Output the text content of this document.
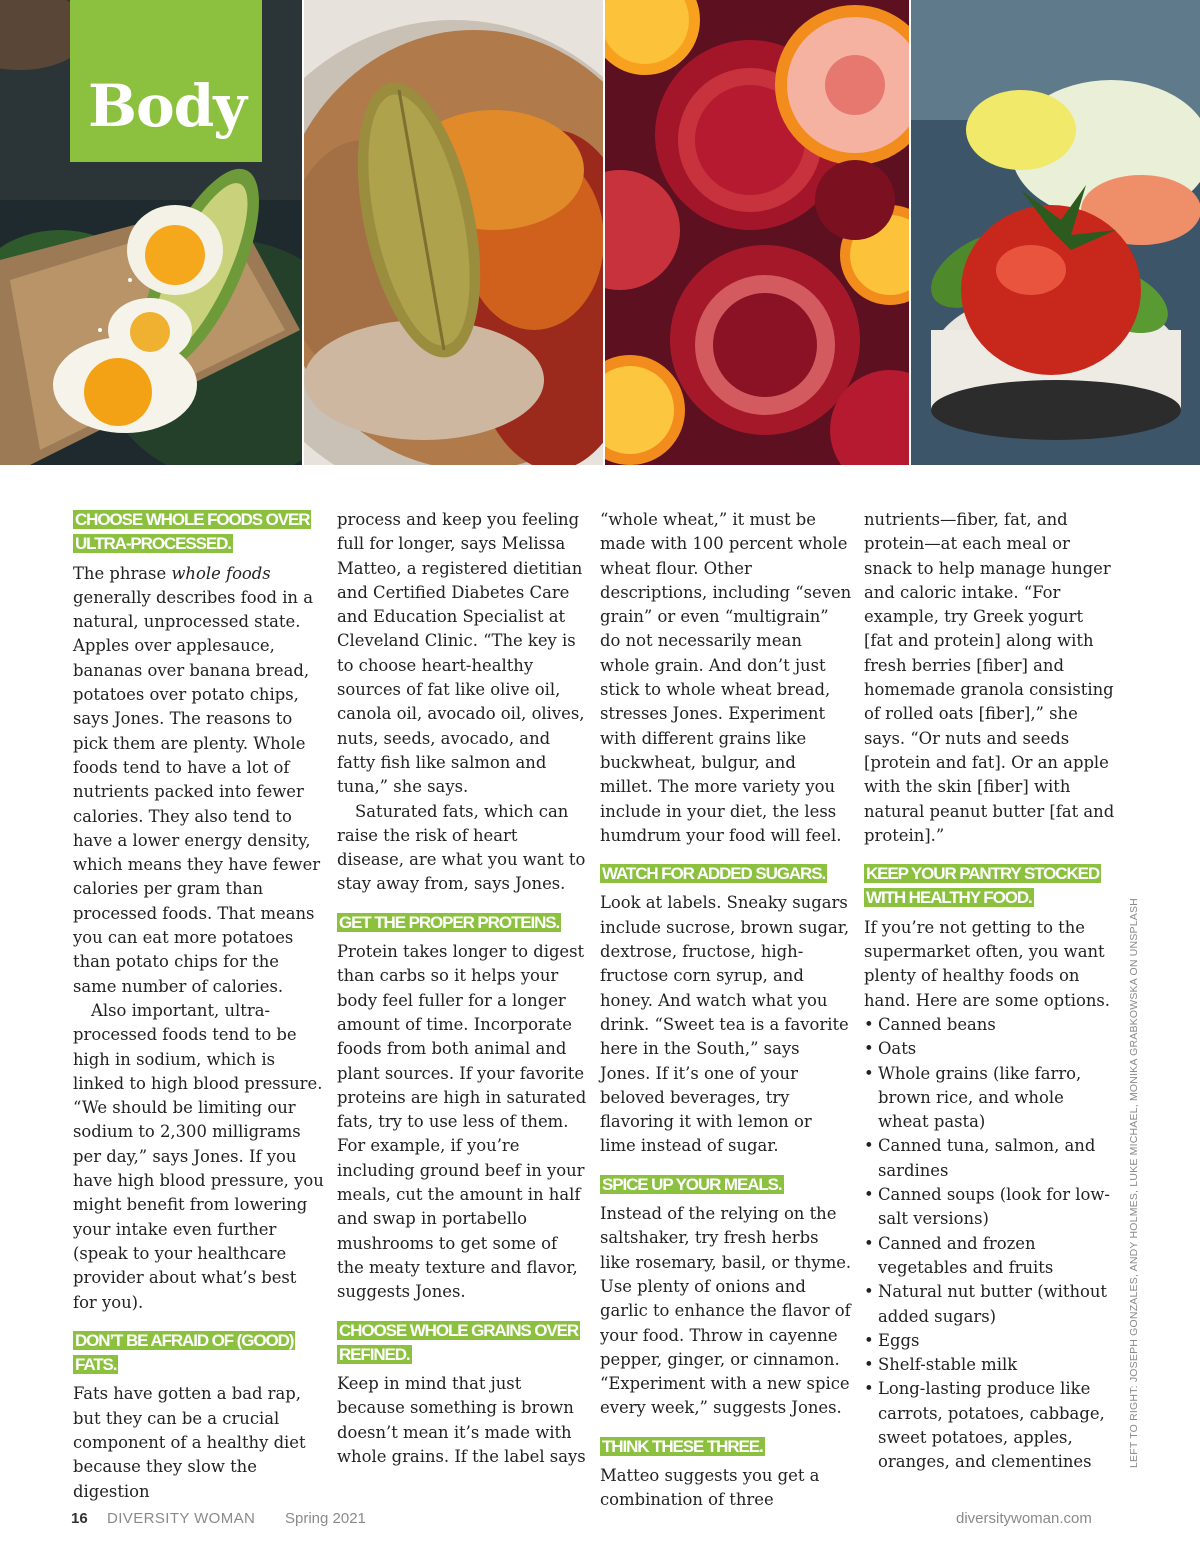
Body
CHOOSE WHOLE FOODS OVER ULTRA-PROCESSED.

The phrase whole foods generally describes food in a natural, unprocessed state. Apples over applesauce, bananas over banana bread, potatoes over potato chips, says Jones. The reasons to pick them are plenty. Whole foods tend to have a lot of nutrients packed into fewer calories. They also tend to have a lower energy density, which means they have fewer calories per gram than processed foods. That means you can eat more potatoes than potato chips for the same number of calories.

Also important, ultra-processed foods tend to be high in sodium, which is linked to high blood pressure. “We should be limiting our sodium to 2,300 milligrams per day,” says Jones. If you have high blood pressure, you might benefit from lowering your intake even further (speak to your healthcare provider about what’s best for you).

DON’T BE AFRAID OF (GOOD) FATS.

Fats have gotten a bad rap, but they can be a crucial component of a healthy diet because they slow the digestion

process and keep you feeling full for longer, says Melissa Matteo, a registered dietitian and Certified Diabetes Care and Education Specialist at Cleveland Clinic. “The key is to choose heart-healthy sources of fat like olive oil, canola oil, avocado oil, olives, nuts, seeds, avocado, and fatty fish like salmon and tuna,” she says.

Saturated fats, which can raise the risk of heart disease, are what you want to stay away from, says Jones.

GET THE PROPER PROTEINS.

Protein takes longer to digest than carbs so it helps your body feel fuller for a longer amount of time. Incorporate foods from both animal and plant sources. If your favorite proteins are high in saturated fats, try to use less of them. For example, if you’re including ground beef in your meals, cut the amount in half and swap in portabello mushrooms to get some of the meaty texture and flavor, suggests Jones.

CHOOSE WHOLE GRAINS OVER REFINED.

Keep in mind that just because something is brown doesn’t mean it’s made with whole grains. If the label says

“whole wheat,” it must be made with 100 percent whole wheat flour. Other descriptions, including “seven grain” or even “multigrain” do not necessarily mean whole grain. And don’t just stick to whole wheat bread, stresses Jones. Experiment with different grains like buckwheat, bulgur, and millet. The more variety you include in your diet, the less humdrum your food will feel.

WATCH FOR ADDED SUGARS.

Look at labels. Sneaky sugars include sucrose, brown sugar, dextrose, fructose, high-fructose corn syrup, and honey. And watch what you drink. “Sweet tea is a favorite here in the South,” says Jones. If it’s one of your beloved beverages, try flavoring it with lemon or lime instead of sugar.

SPICE UP YOUR MEALS.

Instead of the relying on the saltshaker, try fresh herbs like rosemary, basil, or thyme. Use plenty of onions and garlic to enhance the flavor of your food. Throw in cayenne pepper, ginger, or cinnamon. “Experiment with a new spice every week,” suggests Jones.

THINK THESE THREE.

Matteo suggests you get a combination of three

nutrients—fiber, fat, and protein—at each meal or snack to help manage hunger and caloric intake. “For example, try Greek yogurt [fat and protein] along with fresh berries [fiber] and homemade granola consisting of rolled oats [fiber],” she says. “Or nuts and seeds [protein and fat]. Or an apple with the skin [fiber] with natural peanut butter [fat and protein].”

KEEP YOUR PANTRY STOCKED WITH HEALTHY FOOD.

If you’re not getting to the supermarket often, you want plenty of healthy foods on hand. Here are some options.

• Canned beans
• Oats
• Whole grains (like farro, brown rice, and whole wheat pasta)
• Canned tuna, salmon, and sardines
• Canned soups (look for low-salt versions)
• Canned and frozen vegetables and fruits
• Natural nut butter (without added sugars)
• Eggs
• Shelf-stable milk
• Long-lasting produce like carrots, potatoes, cabbage, sweet potatoes, apples, oranges, and clementines	LEFT TO RIGHT: JOSEPH GONZALES, ANDY HOLMES, LUKE MICHAEL, MONIKA GRABKOWSKA ON UNSPLASH
16 DIVERSITY WOMAN Spring 2021	diversitywoman.com
